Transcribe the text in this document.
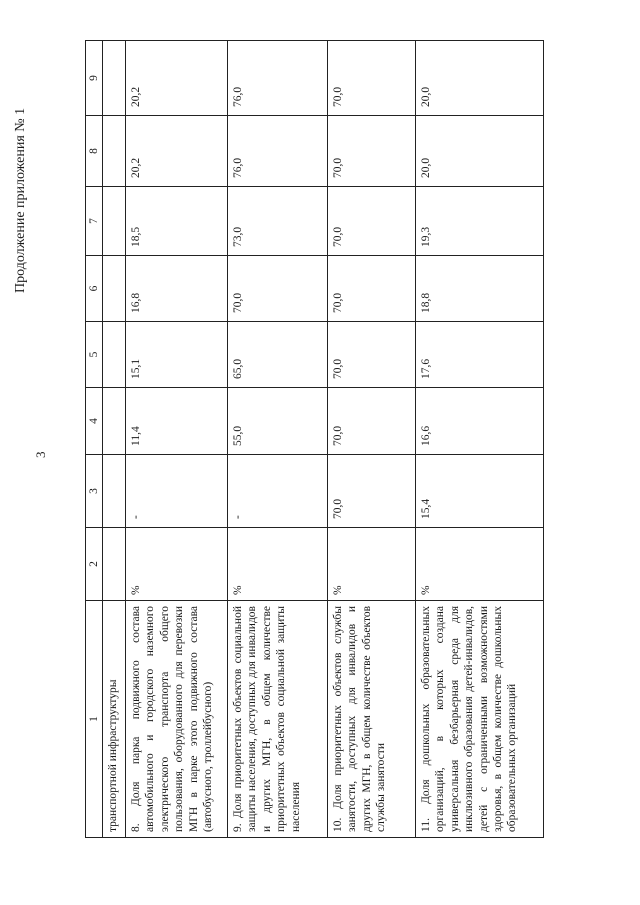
3
Продолжение приложения № 1
1	2	3	4	5	6	7	8	9
транспортной инфраструктуры								
8. Доля парка подвижного состава автомобильного и городского наземного электрического транспорта общего пользования, оборудованного для перевозки МГН в парке этого подвижного состава (автобусного, троллейбусного)	%	-	11,4	15,1	16,8	18,5	20,2	20,2
9. Доля приоритетных объектов социальной защиты населения, доступных для инвалидов и других МГН, в общем количестве приоритетных объектов социальной защиты населения	%	-	55,0	65,0	70,0	73,0	76,0	76,0
10. Доля приоритетных объектов службы занятости, доступных для инвалидов и других МГН, в общем количестве объектов службы занятости	%	70,0	70,0	70,0	70,0	70,0	70,0	70,0
11. Доля дошкольных образовательных организаций, в которых создана универсальная безбарьерная среда для инклюзивного образования детей-инвалидов, детей с ограниченными возможностями здоровья, в общем количестве дошкольных образовательных организаций	%	15,4	16,6	17,6	18,8	19,3	20,0	20,0
